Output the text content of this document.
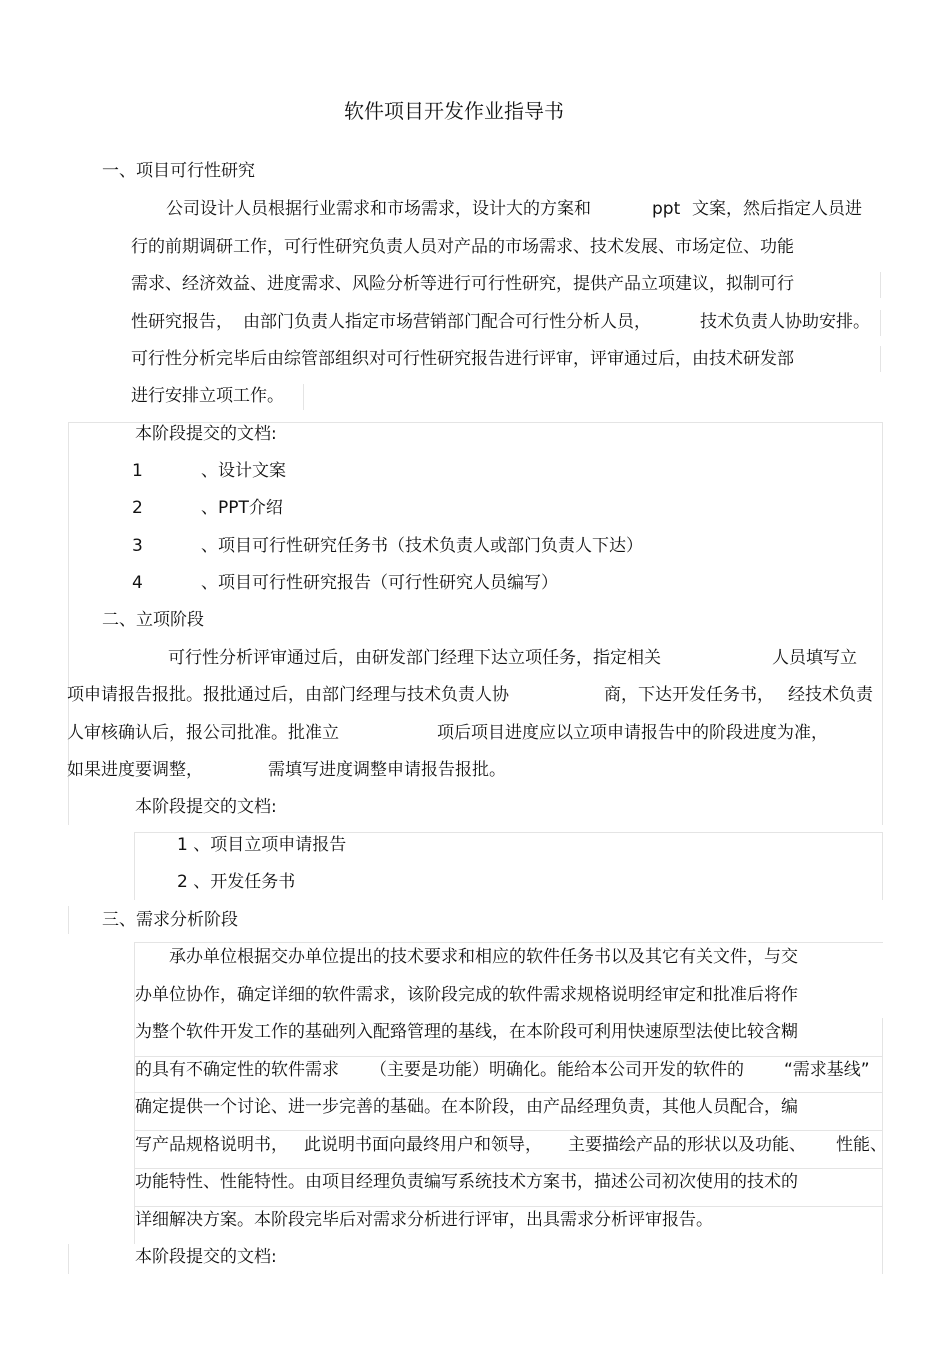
软件项目开发作业指导书
一、项目可行性研究
公司设计人员根据行业需求和市场需求，设计大的方案和	ppt 文案，然后指定人员进
行的前期调研工作，可行性研究负责人员对产品的市场需求、技术发展、市场定位、功能
需求、经济效益、进度需求、风险分析等进行可行性研究，提供产品立项建议，拟制可行
性研究报告， 由部门负责人指定市场营销部门配合可行性分析人员，	技术负责人协助安排。
可行性分析完毕后由综管部组织对可行性研究报告进行评审，评审通过后，由技术研发部
进行安排立项工作。
本阶段提交的文档:
1	、设计文案
2	、PPT介绍
3	、项目可行性研究任务书（技术负责人或部门负责人下达）
4	、项目可行性研究报告（可行性研究人员编写）
二、立项阶段
可行性分析评审通过后，由研发部门经理下达立项任务，指定相关	人员填写立
项申请报告报批。报批通过后，由部门经理与技术负责人协	商，下达开发任务书， 经技术负责
人审核确认后，报公司批准。批准立	项后项目进度应以立项申请报告中的阶段进度为准，
如果进度要调整，	需填写进度调整申请报告报批。
本阶段提交的文档:
1 、项目立项申请报告
2 、开发任务书
三、需求分析阶段
承办单位根据交办单位提出的技术要求和相应的软件任务书以及其它有关文件，与交
办单位协作，确定详细的软件需求，该阶段完成的软件需求规格说明经审定和批准后将作
为整个软件开发工作的基础列入配臵管理的基线，在本阶段可利用快速原型法使比较含糊
的具有不确定性的软件需求 （主要是功能）明确化。能给本公司开发的软件的 “需求基线”
确定提供一个讨论、进一步完善的基础。在本阶段，由产品经理负责，其他人员配合，编
写产品规格说明书， 此说明书面向最终用户和领导， 主要描绘产品的形状以及功能、 性能、
功能特性、性能特性。由项目经理负责编写系统技术方案书，描述公司初次使用的技术的
详细解决方案。本阶段完毕后对需求分析进行评审，出具需求分析评审报告。
本阶段提交的文档:
